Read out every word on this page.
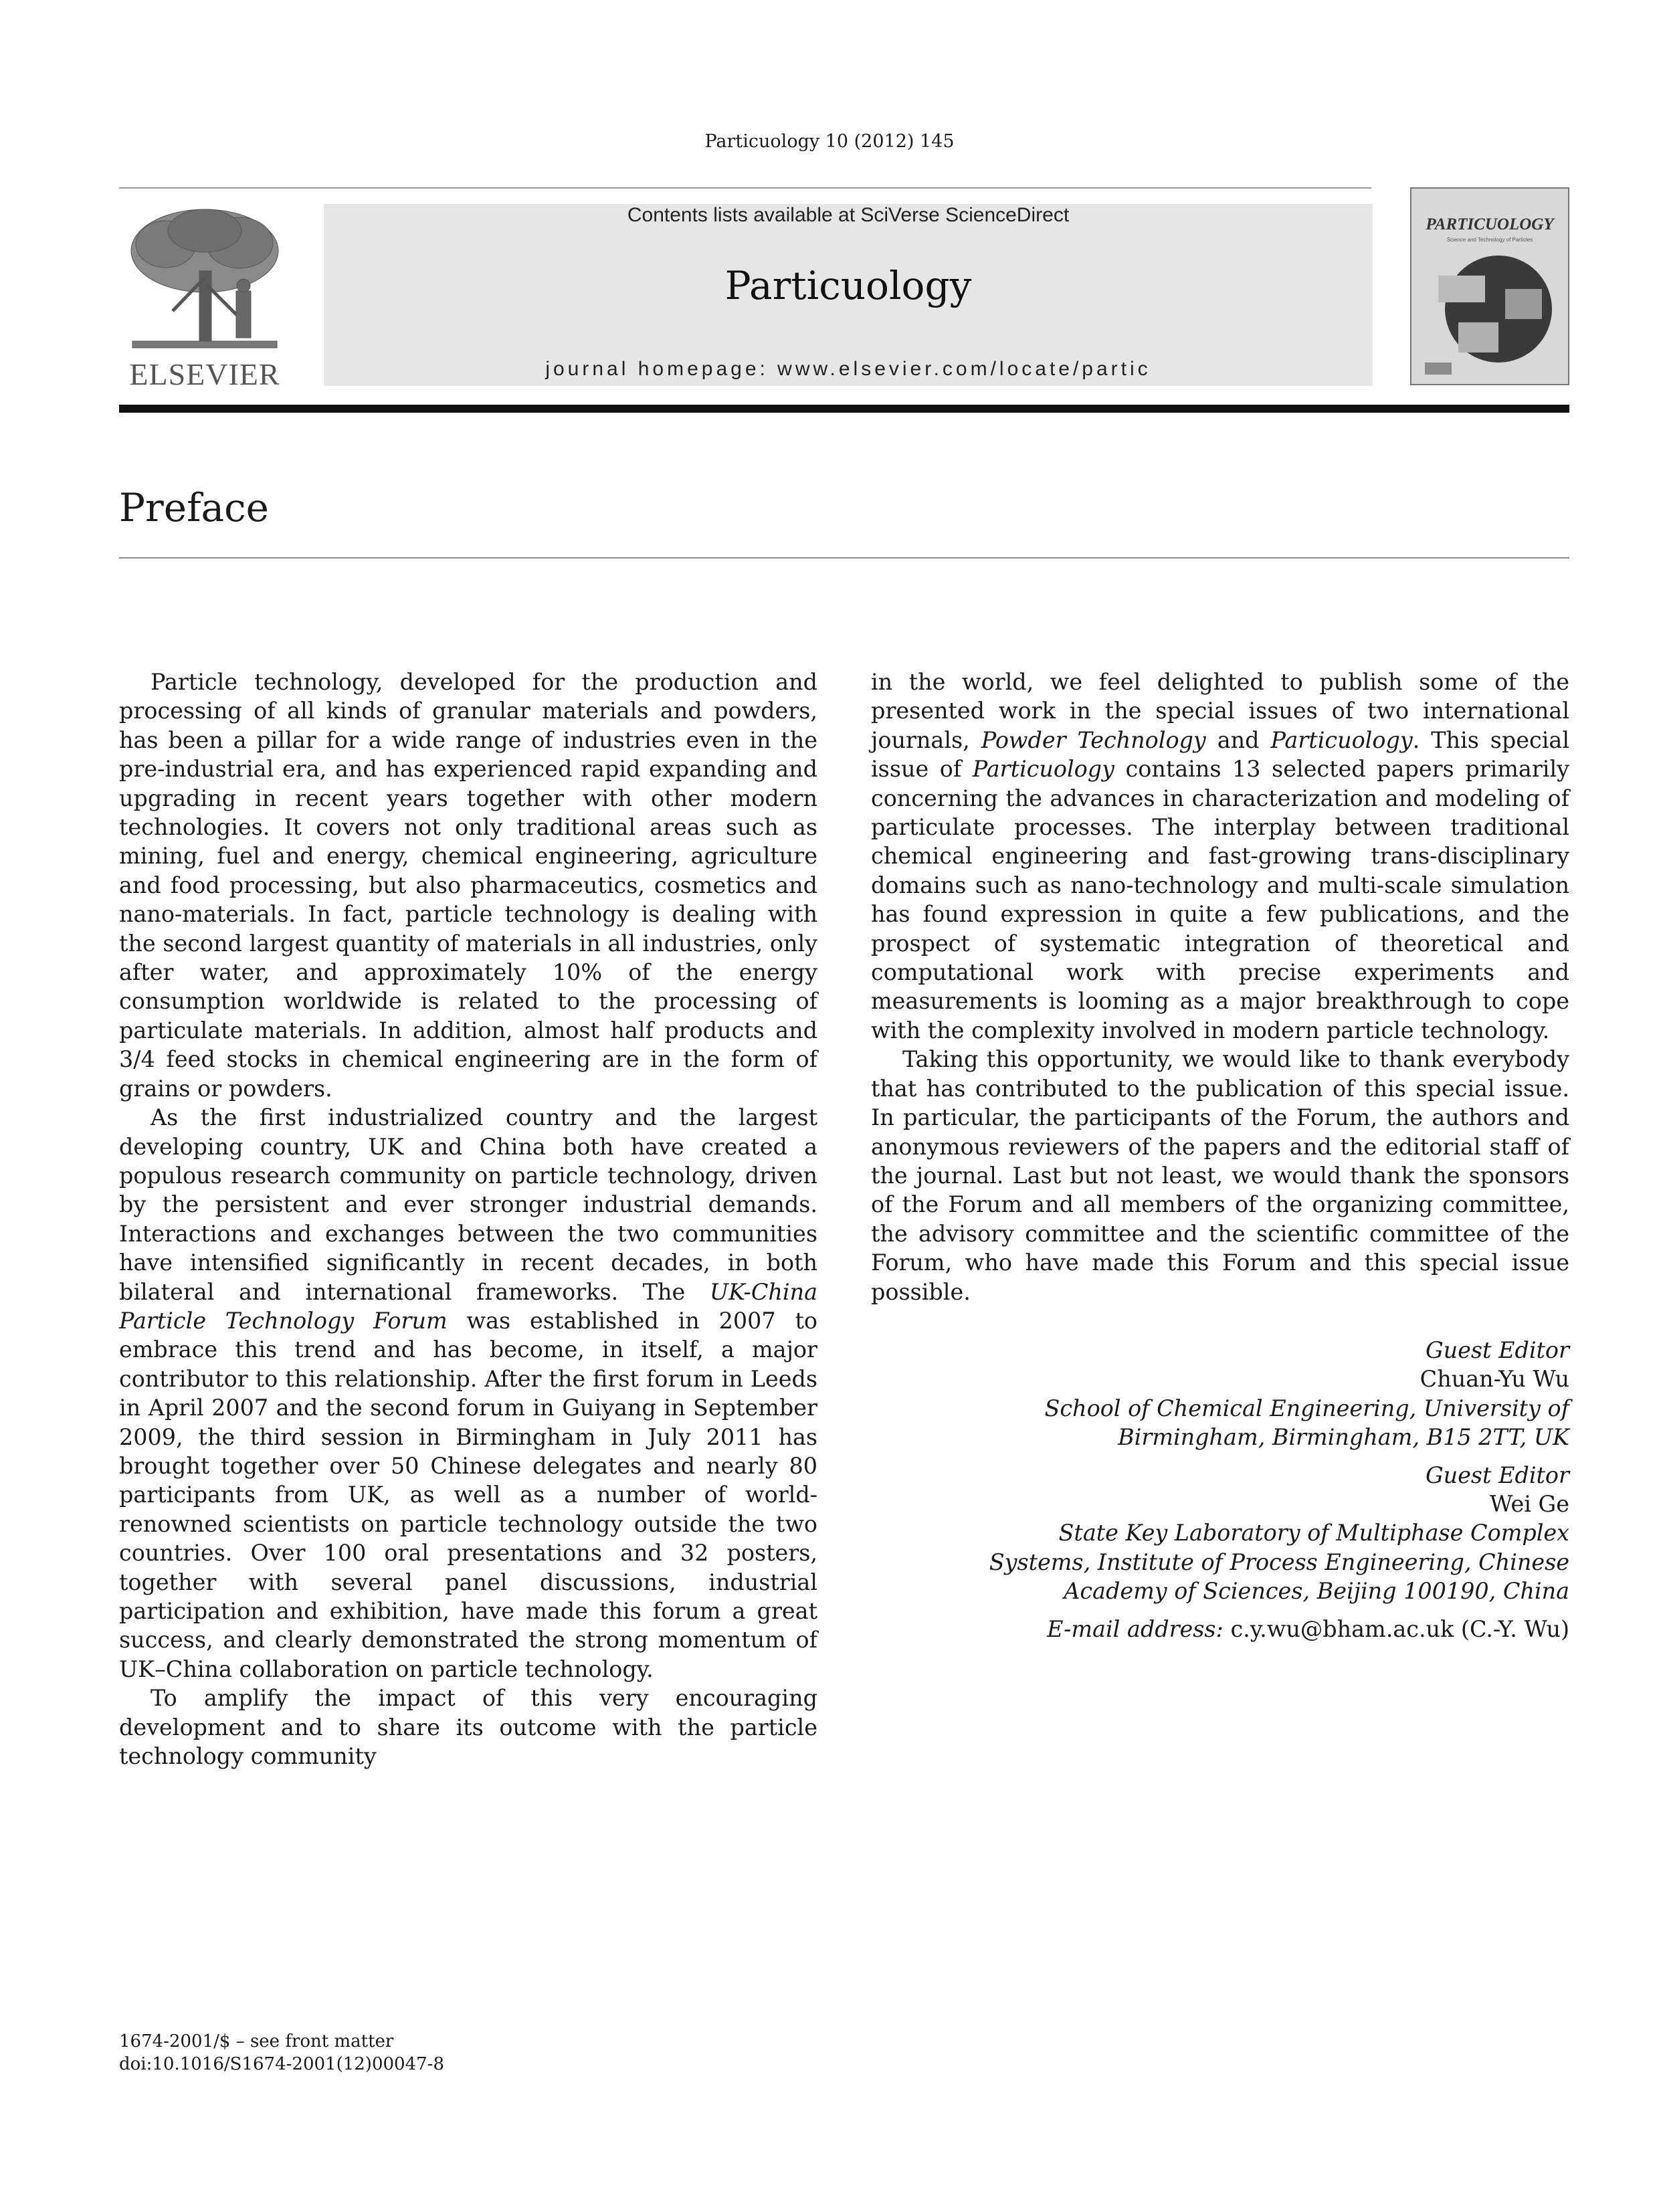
Particuology 10 (2012) 145
ELSEVIER
Contents lists available at SciVerse ScienceDirect
Particuology
journal homepage: www.elsevier.com/locate/partic
PARTICUOLOGY
Science and Technology of Particles
Preface

Particle technology, developed for the production and processing of all kinds of granular materials and powders, has been a pillar for a wide range of industries even in the pre-industrial era, and has experienced rapid expanding and upgrading in recent years together with other modern technologies. It covers not only traditional areas such as mining, fuel and energy, chemical engineering, agriculture and food processing, but also pharmaceutics, cosmetics and nano-materials. In fact, particle technology is dealing with the second largest quantity of materials in all industries, only after water, and approximately 10% of the energy consumption worldwide is related to the processing of particulate materials. In addition, almost half products and 3/4 feed stocks in chemical engineering are in the form of grains or powders.

As the first industrialized country and the largest developing country, UK and China both have created a populous research community on particle technology, driven by the persistent and ever stronger industrial demands. Interactions and exchanges between the two communities have intensified significantly in recent decades, in both bilateral and international frameworks. The UK-China Particle Technology Forum was established in 2007 to embrace this trend and has become, in itself, a major contributor to this relationship. After the first forum in Leeds in April 2007 and the second forum in Guiyang in September 2009, the third session in Birmingham in July 2011 has brought together over 50 Chinese delegates and nearly 80 participants from UK, as well as a number of world-renowned scientists on particle technology outside the two countries. Over 100 oral presentations and 32 posters, together with several panel discussions, industrial participation and exhibition, have made this forum a great success, and clearly demonstrated the strong momentum of UK–China collaboration on particle technology.

To amplify the impact of this very encouraging development and to share its outcome with the particle technology community

in the world, we feel delighted to publish some of the presented work in the special issues of two international journals, Powder Technology and Particuology. This special issue of Particuology contains 13 selected papers primarily concerning the advances in characterization and modeling of particulate processes. The interplay between traditional chemical engineering and fast-growing trans-disciplinary domains such as nano-technology and multi-scale simulation has found expression in quite a few publications, and the prospect of systematic integration of theoretical and computational work with precise experiments and measurements is looming as a major breakthrough to cope with the complexity involved in modern particle technology.

Taking this opportunity, we would like to thank everybody that has contributed to the publication of this special issue. In particular, the participants of the Forum, the authors and anonymous reviewers of the papers and the editorial staff of the journal. Last but not least, we would thank the sponsors of the Forum and all members of the organizing committee, the advisory committee and the scientific committee of the Forum, who have made this Forum and this special issue possible.

Guest Editor
Chuan-Yu Wu
School of Chemical Engineering, University of
Birmingham, Birmingham, B15 2TT, UK
Guest Editor
Wei Ge
State Key Laboratory of Multiphase Complex
Systems, Institute of Process Engineering, Chinese
Academy of Sciences, Beijing 100190, China
E-mail address: c.y.wu@bham.ac.uk (C.-Y. Wu)
1674-2001/$ – see front matter
doi:10.1016/S1674-2001(12)00047-8
